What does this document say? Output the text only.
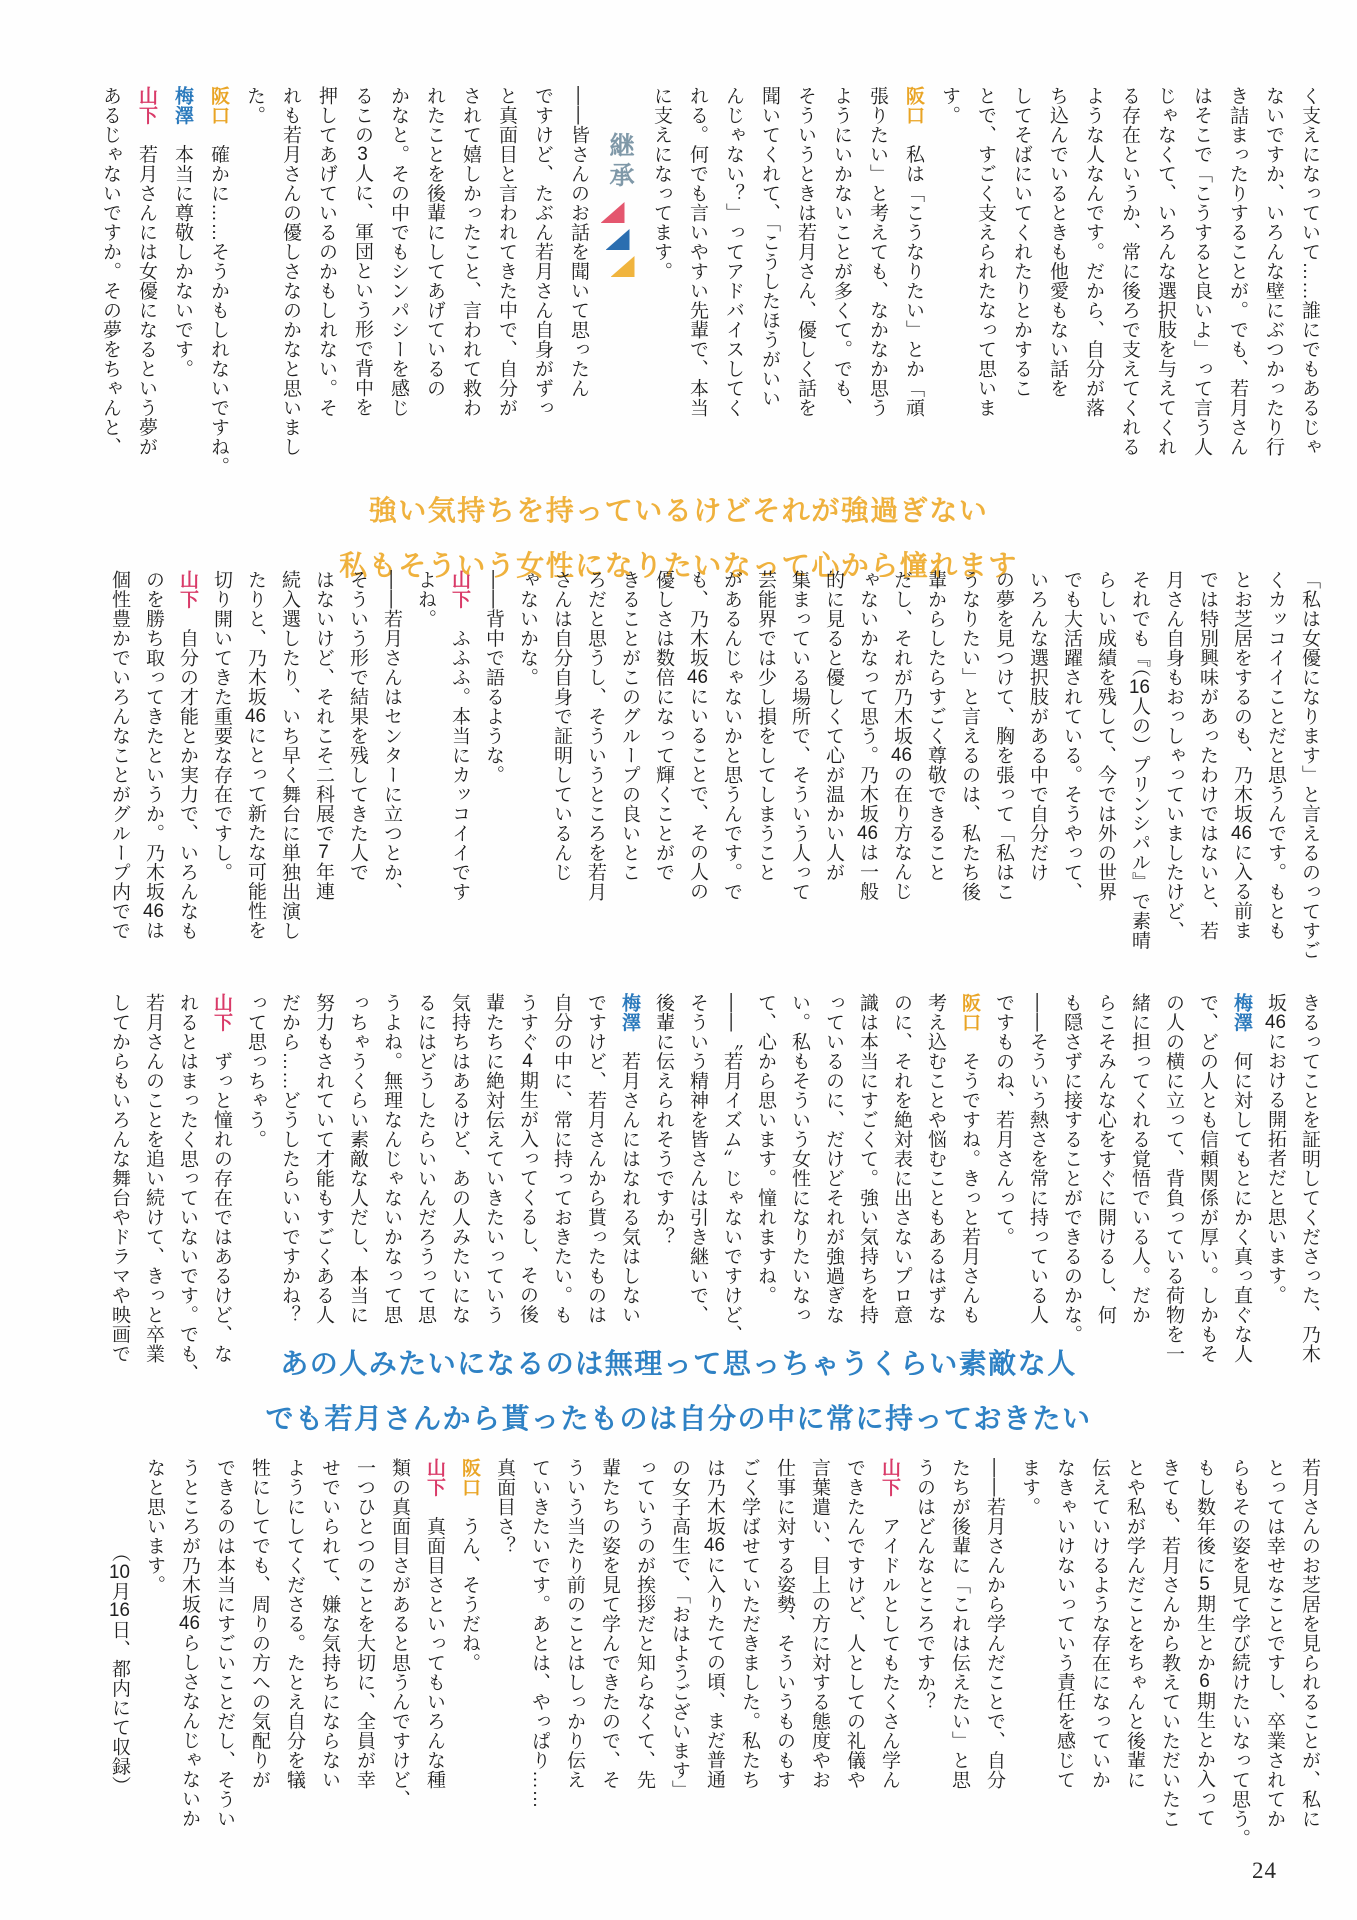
く支えになっていて……誰にでもあるじゃ
ないですか、いろんな壁にぶつかったり行
き詰まったりすることが。でも、若月さん
はそこで「こうすると良いよ」って言う人
じゃなくて、いろんな選択肢を与えてくれ
る存在というか、常に後ろで支えてくれる
ような人なんです。だから、自分が落
ち込んでいるときも他愛もない話を
してそばにいてくれたりとかするこ
とで、すごく支えられたなって思いま
す。
阪口　私は「こうなりたい」とか「頑
張りたい」と考えても、なかなか思う
ようにいかないことが多くて。でも、
そういうときは若月さん、優しく話を
聞いてくれて、「こうしたほうがいい
んじゃない？」ってアドバイスしてく
れる。何でも言いやすい先輩で、本当
に支えになってます。
継承
——皆さんのお話を聞いて思ったん
ですけど、たぶん若月さん自身がずっ
と真面目と言われてきた中で、自分が
されて嬉しかったこと、言われて救わ
れたことを後輩にしてあげているの
かなと。その中でもシンパシーを感じ
るこの3人に、軍団という形で背中を
押してあげているのかもしれない。そ
れも若月さんの優しさなのかなと思いまし
た。
阪口　確かに……そうかもしれないですね。
梅澤　本当に尊敬しかないです。
山下　若月さんには女優になるという夢が
あるじゃないですか。その夢をちゃんと、
強い気持ちを持っているけどそれが強過ぎない
私もそういう女性になりたいなって心から憧れます
「私は女優になります」と言えるのってすご
くカッコイイことだと思うんです。もとも
とお芝居をするのも、乃木坂46に入る前ま
では特別興味があったわけではないと、若
月さん自身もおっしゃっていましたけど、
それでも『（16人の）プリンシパル』で素晴
らしい成績を残して、今では外の世界
でも大活躍されている。そうやって、
いろんな選択肢がある中で自分だけ
の夢を見つけて、胸を張って「私はこ
うなりたい」と言えるのは、私たち後
輩からしたらすごく尊敬できること
だし、それが乃木坂46の在り方なんじ
ゃないかなって思う。乃木坂46は一般
的に見ると優しくて心が温かい人が
集まっている場所で、そういう人って
芸能界では少し損をしてしまうこと
があるんじゃないかと思うんです。で
も、乃木坂46にいることで、その人の
優しさは数倍になって輝くことがで
きることがこのグループの良いとこ
ろだと思うし、そういうところを若月
さんは自分自身で証明しているんじ
ゃないかな。
——背中で語るような。
山下　ふふふ。本当にカッコイイです
よね。
——若月さんはセンターに立つとか、
そういう形で結果を残してきた人で
はないけど、それこそ二科展で7年連
続入選したり、いち早く舞台に単独出演し
たりと、乃木坂46にとって新たな可能性を
切り開いてきた重要な存在ですし。
山下　自分の才能とか実力で、いろんなも
のを勝ち取ってきたというか。乃木坂46は
個性豊かでいろんなことがグループ内でで
きるってことを証明してくださった、乃木
坂46における開拓者だと思います。
梅澤　何に対してもとにかく真っ直ぐな人
で、どの人とも信頼関係が厚い。しかもそ
の人の横に立って、背負っている荷物を一
緒に担ってくれる覚悟でいる人。だか
らこそみんな心をすぐに開けるし、何
も隠さずに接することができるのかな。
——そういう熱さを常に持っている人
ですものね、若月さんって。
阪口　そうですね。きっと若月さんも
考え込むことや悩むこともあるはずな
のに、それを絶対表に出さないプロ意
識は本当にすごくて。強い気持ちを持
っているのに、だけどそれが強過ぎな
い。私もそういう女性になりたいなっ
て、心から思います。憧れますね。
——〝若月イズム〟じゃないですけど、
そういう精神を皆さんは引き継いで、
後輩に伝えられそうですか？
梅澤　若月さんにはなれる気はしない
ですけど、若月さんから貰ったものは
自分の中に、常に持っておきたい。も
うすぐ4期生が入ってくるし、その後
輩たちに絶対伝えていきたいっていう
気持ちはあるけど、あの人みたいにな
るにはどうしたらいいんだろうって思
うよね。無理なんじゃないかなって思
っちゃうくらい素敵な人だし、本当に
努力もされていて才能もすごくある人
だから……どうしたらいいですかね？
って思っちゃう。
山下　ずっと憧れの存在ではあるけど、な
れるとはまったく思っていないです。でも、
若月さんのことを追い続けて、きっと卒業
してからもいろんな舞台やドラマや映画で	あの人みたいになるのは無理って思っちゃうくらい素敵な人
でも若月さんから貰ったものは自分の中に常に持っておきたい
若月さんのお芝居を見られることが、私に
とっては幸せなことですし、卒業されてか
らもその姿を見て学び続けたいなって思う。
もし数年後に5期生とか6期生とか入って
きても、若月さんから教えていただいたこ
とや私が学んだことをちゃんと後輩に
伝えていけるような存在になっていか
なきゃいけないっていう責任を感じて
ます。
——若月さんから学んだことで、自分
たちが後輩に「これは伝えたい」と思
うのはどんなところですか？
山下　アイドルとしてもたくさん学ん
できたんですけど、人としての礼儀や
言葉遣い、目上の方に対する態度やお
仕事に対する姿勢、そういうものもす
ごく学ばせていただきました。私たち
は乃木坂46に入りたての頃、まだ普通
の女子高生で、「おはようございます」
っていうのが挨拶だと知らなくて、先
輩たちの姿を見て学んできたので、そ
ういう当たり前のことはしっかり伝え
ていきたいです。あとは、やっぱり……
真面目さ？
阪口　うん、そうだね。
山下　真面目さといってもいろんな種
類の真面目さがあると思うんですけど、
一つひとつのことを大切に、全員が幸
せでいられて、嫌な気持ちにならない
ようにしてくださる。たとえ自分を犠
牲にしてでも、周りの方への気配りが
できるのは本当にすごいことだし、そうい
うところが乃木坂46らしさなんじゃないか
なと思います。
（10月16日、都内にて収録）
24
